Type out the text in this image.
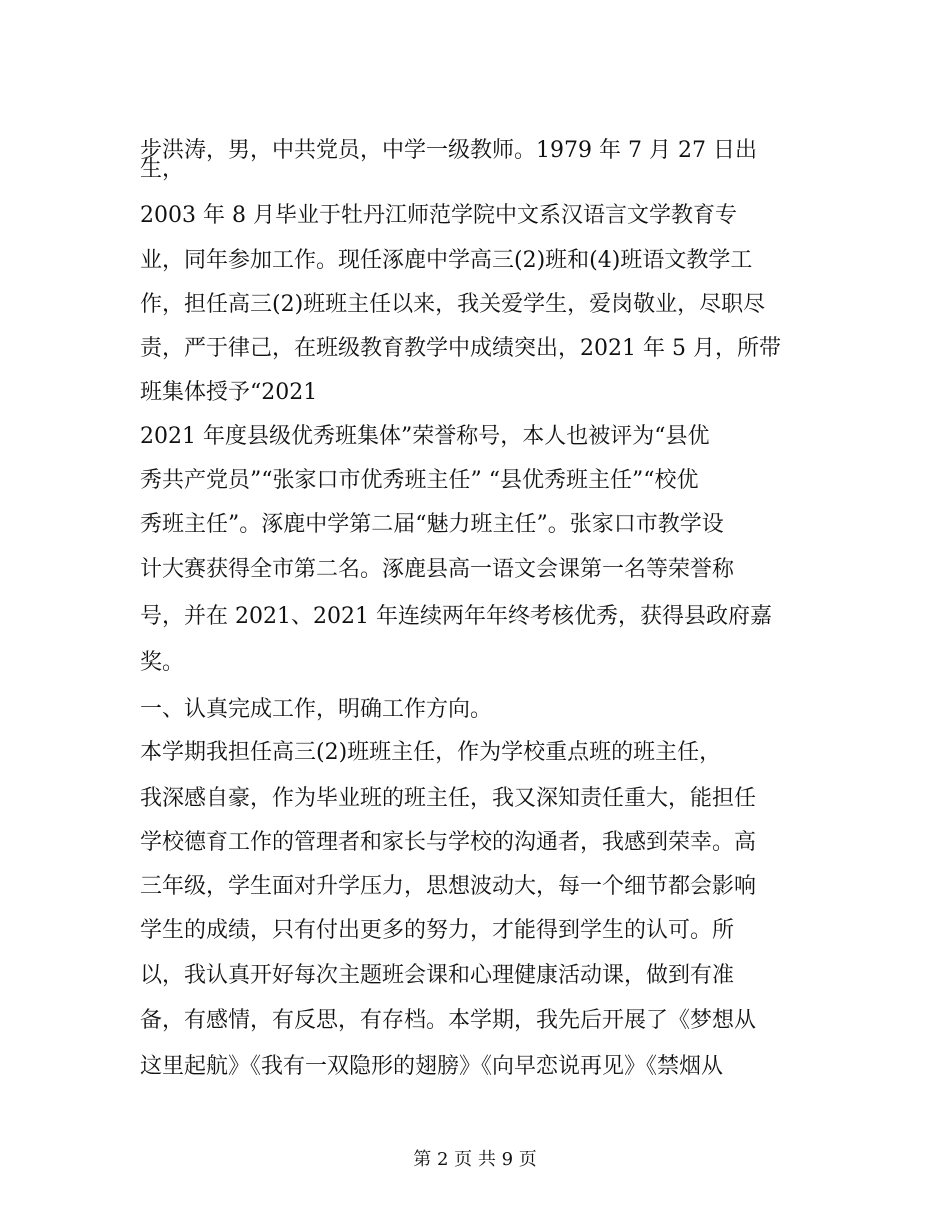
步洪涛，男，中共党员，中学一级教师。1979 年 7 月 27 日出
生，
2003 年 8 月毕业于牡丹江师范学院中文系汉语言文学教育专
业，同年参加工作。现任涿鹿中学高三(2)班和(4)班语文教学工
作，担任高三(2)班班主任以来，我关爱学生，爱岗敬业，尽职尽
责，严于律己，在班级教育教学中成绩突出，2021 年 5 月，所带
班集体授予“2021
2021 年度县级优秀班集体”荣誉称号，本人也被评为“县优
秀共产党员”“张家口市优秀班主任” “县优秀班主任”“校优
秀班主任”。涿鹿中学第二届“魅力班主任”。张家口市教学设
计大赛获得全市第二名。涿鹿县高一语文会课第一名等荣誉称
号，并在 2021、2021 年连续两年年终考核优秀，获得县政府嘉
奖。
一、认真完成工作，明确工作方向。
本学期我担任高三(2)班班主任，作为学校重点班的班主任，
我深感自豪，作为毕业班的班主任，我又深知责任重大，能担任
学校德育工作的管理者和家长与学校的沟通者，我感到荣幸。高
三年级，学生面对升学压力，思想波动大，每一个细节都会影响
学生的成绩，只有付出更多的努力，才能得到学生的认可。所
以，我认真开好每次主题班会课和心理健康活动课，做到有准
备，有感情，有反思，有存档。本学期，我先后开展了《梦想从
这里起航》《我有一双隐形的翅膀》《向早恋说再见》《禁烟从
第 2 页 共 9 页
